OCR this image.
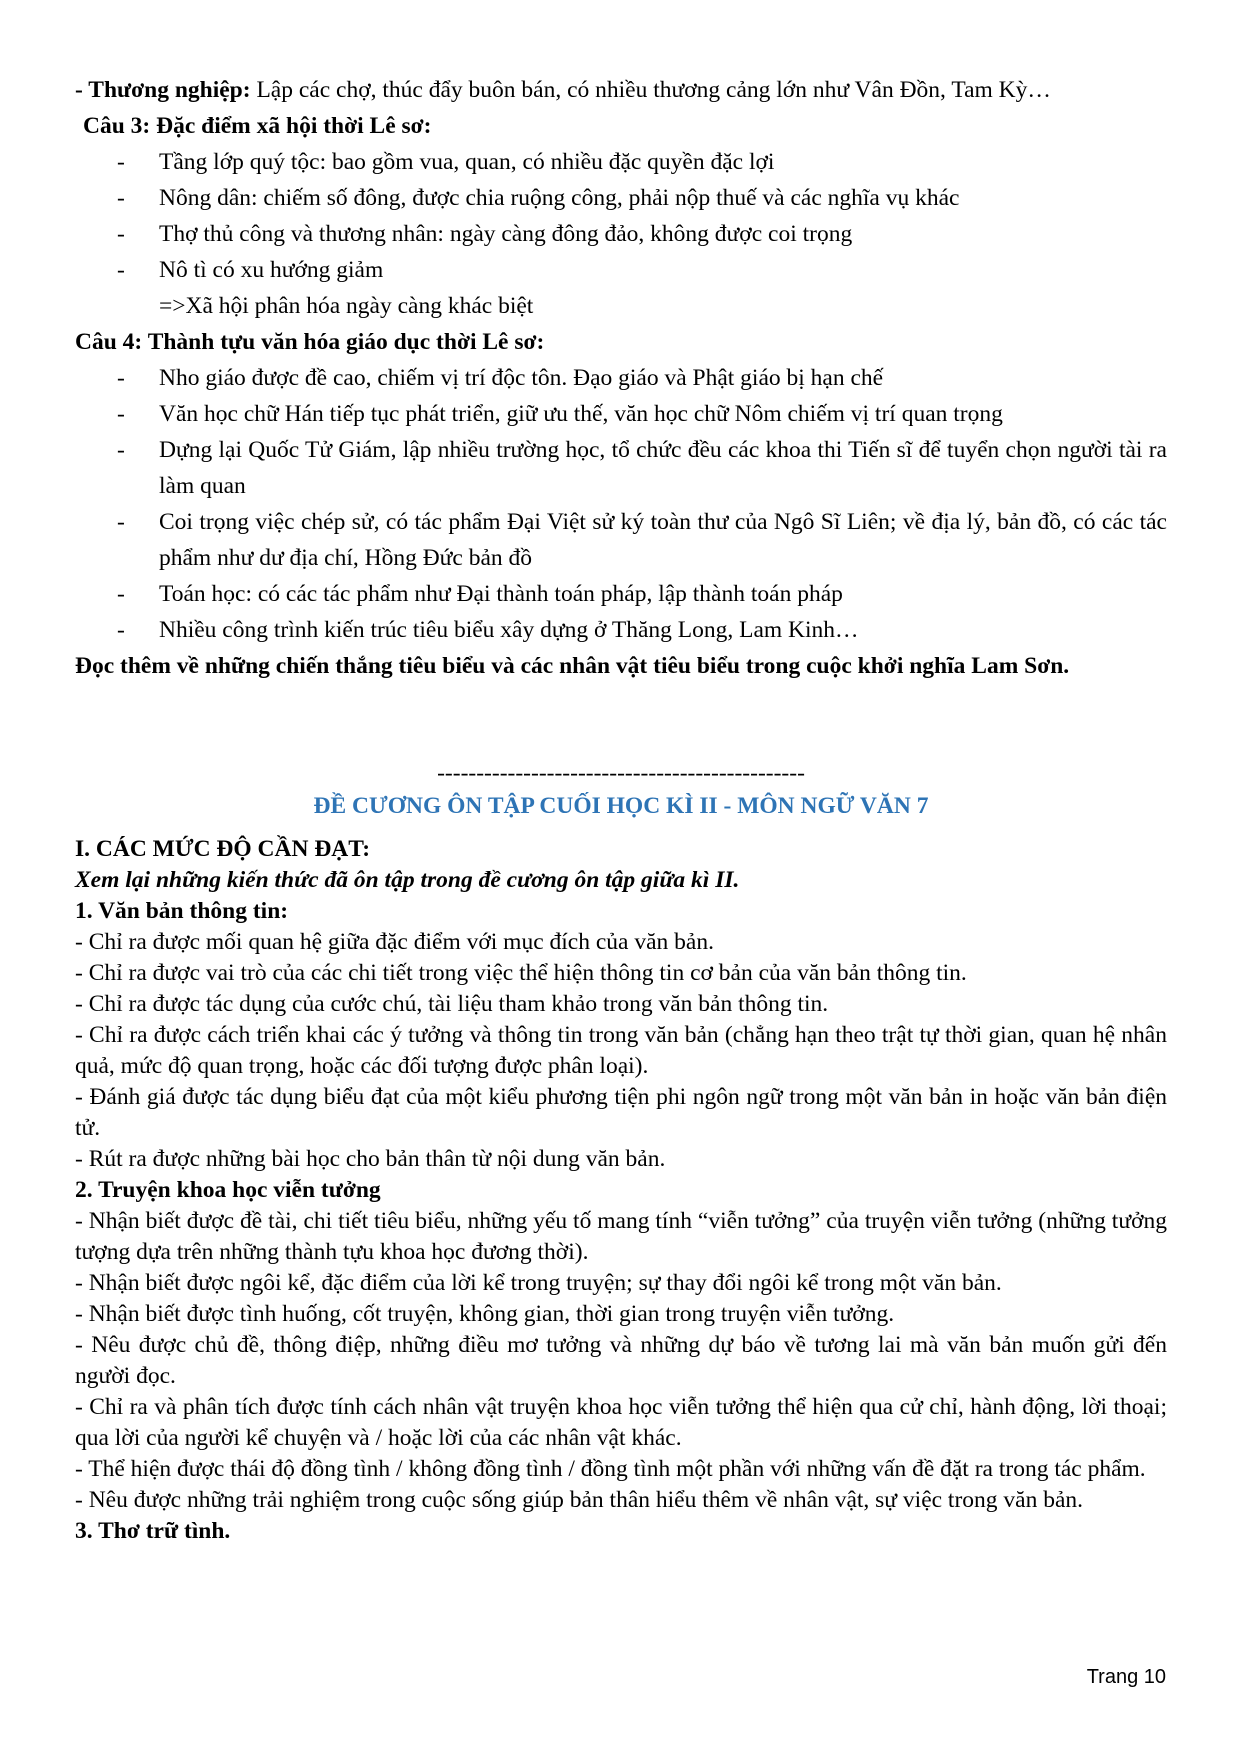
- Thương nghiệp: Lập các chợ, thúc đẩy buôn bán, có nhiều thương cảng lớn như Vân Đồn, Tam Kỳ…

Câu 3: Đặc điểm xã hội thời Lê sơ:

- Tầng lớp quý tộc: bao gồm vua, quan, có nhiều đặc quyền đặc lợi
- Nông dân: chiếm số đông, được chia ruộng công, phải nộp thuế và các nghĩa vụ khác
- Thợ thủ công và thương nhân: ngày càng đông đảo, không được coi trọng
- Nô tì có xu hướng giảm

=>Xã hội phân hóa ngày càng khác biệt

Câu 4: Thành tựu văn hóa giáo dục thời Lê sơ:

- Nho giáo được đề cao, chiếm vị trí độc tôn. Đạo giáo và Phật giáo bị hạn chế
- Văn học chữ Hán tiếp tục phát triển, giữ ưu thế, văn học chữ Nôm chiếm vị trí quan trọng
- Dựng lại Quốc Tử Giám, lập nhiều trường học, tổ chức đều các khoa thi Tiến sĩ để tuyển chọn người tài ra làm quan
- Coi trọng việc chép sử, có tác phẩm Đại Việt sử ký toàn thư của Ngô Sĩ Liên; về địa lý, bản đồ, có các tác phẩm như dư địa chí, Hồng Đức bản đồ
- Toán học: có các tác phẩm như Đại thành toán pháp, lập thành toán pháp
- Nhiều công trình kiến trúc tiêu biểu xây dựng ở Thăng Long, Lam Kinh…

Đọc thêm về những chiến thắng tiêu biểu và các nhân vật tiêu biểu trong cuộc khởi nghĩa Lam Sơn.

-----------------------------------------------

ĐỀ CƯƠNG ÔN TẬP CUỐI HỌC KÌ II - MÔN NGỮ VĂN 7

I. CÁC MỨC ĐỘ CẦN ĐẠT:

Xem lại những kiến thức đã ôn tập trong đề cương ôn tập giữa kì II.

1. Văn bản thông tin:

- Chỉ ra được mối quan hệ giữa đặc điểm với mục đích của văn bản.

- Chỉ ra được vai trò của các chi tiết trong việc thể hiện thông tin cơ bản của văn bản thông tin.

- Chỉ ra được tác dụng của cước chú, tài liệu tham khảo trong văn bản thông tin.

- Chỉ ra được cách triển khai các ý tưởng và thông tin trong văn bản (chẳng hạn theo trật tự thời gian, quan hệ nhân quả, mức độ quan trọng, hoặc các đối tượng được phân loại).

- Đánh giá được tác dụng biểu đạt của một kiểu phương tiện phi ngôn ngữ trong một văn bản in hoặc văn bản điện tử.

- Rút ra được những bài học cho bản thân từ nội dung văn bản.

2. Truyện khoa học viễn tưởng

- Nhận biết được đề tài, chi tiết tiêu biểu, những yếu tố mang tính “viễn tưởng” của truyện viễn tưởng (những tưởng tượng dựa trên những thành tựu khoa học đương thời).

- Nhận biết được ngôi kể, đặc điểm của lời kể trong truyện; sự thay đổi ngôi kể trong một văn bản.

- Nhận biết được tình huống, cốt truyện, không gian, thời gian trong truyện viễn tưởng.

- Nêu được chủ đề, thông điệp, những điều mơ tưởng và những dự báo về tương lai mà văn bản muốn gửi đến người đọc.

- Chỉ ra và phân tích được tính cách nhân vật truyện khoa học viễn tưởng thể hiện qua cử chỉ, hành động, lời thoại; qua lời của người kể chuyện và / hoặc lời của các nhân vật khác.

- Thể hiện được thái độ đồng tình / không đồng tình / đồng tình một phần với những vấn đề đặt ra trong tác phẩm.

- Nêu được những trải nghiệm trong cuộc sống giúp bản thân hiểu thêm về nhân vật, sự việc trong văn bản.

3. Thơ trữ tình.

Trang 10
